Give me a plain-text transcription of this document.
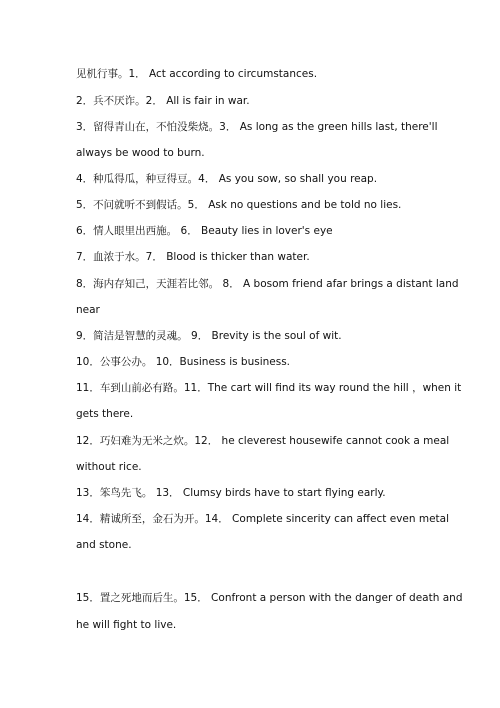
见机行事。1． Act according to circumstances.
2．兵不厌诈。2． All is fair in war.
3．留得青山在，不怕没柴烧。3． As long as the green hills last, there'll
always be wood to burn.
4．种瓜得瓜，种豆得豆。4． As you sow, so shall you reap.
5．不问就听不到假话。5． Ask no questions and be told no lies.
6．情人眼里出西施。 6． Beauty lies in lover's eye
7．血浓于水。7． Blood is thicker than water.
8．海内存知己，天涯若比邻。 8． A bosom friend afar brings a distant land
near
9．简洁是智慧的灵魂。 9． Brevity is the soul of wit.
10．公事公办。 10．Business is business.
11．车到山前必有路。11．The cart will find its way round the hill ，when it
gets there.
12．巧妇难为无米之炊。12． he cleverest housewife cannot cook a meal
without rice.
13．笨鸟先飞。 13． Clumsy birds have to start flying early.
14．精诚所至，金石为开。14． Complete sincerity can affect even metal
and stone.
15．置之死地而后生。15． Confront a person with the danger of death and
he will fight to live.
